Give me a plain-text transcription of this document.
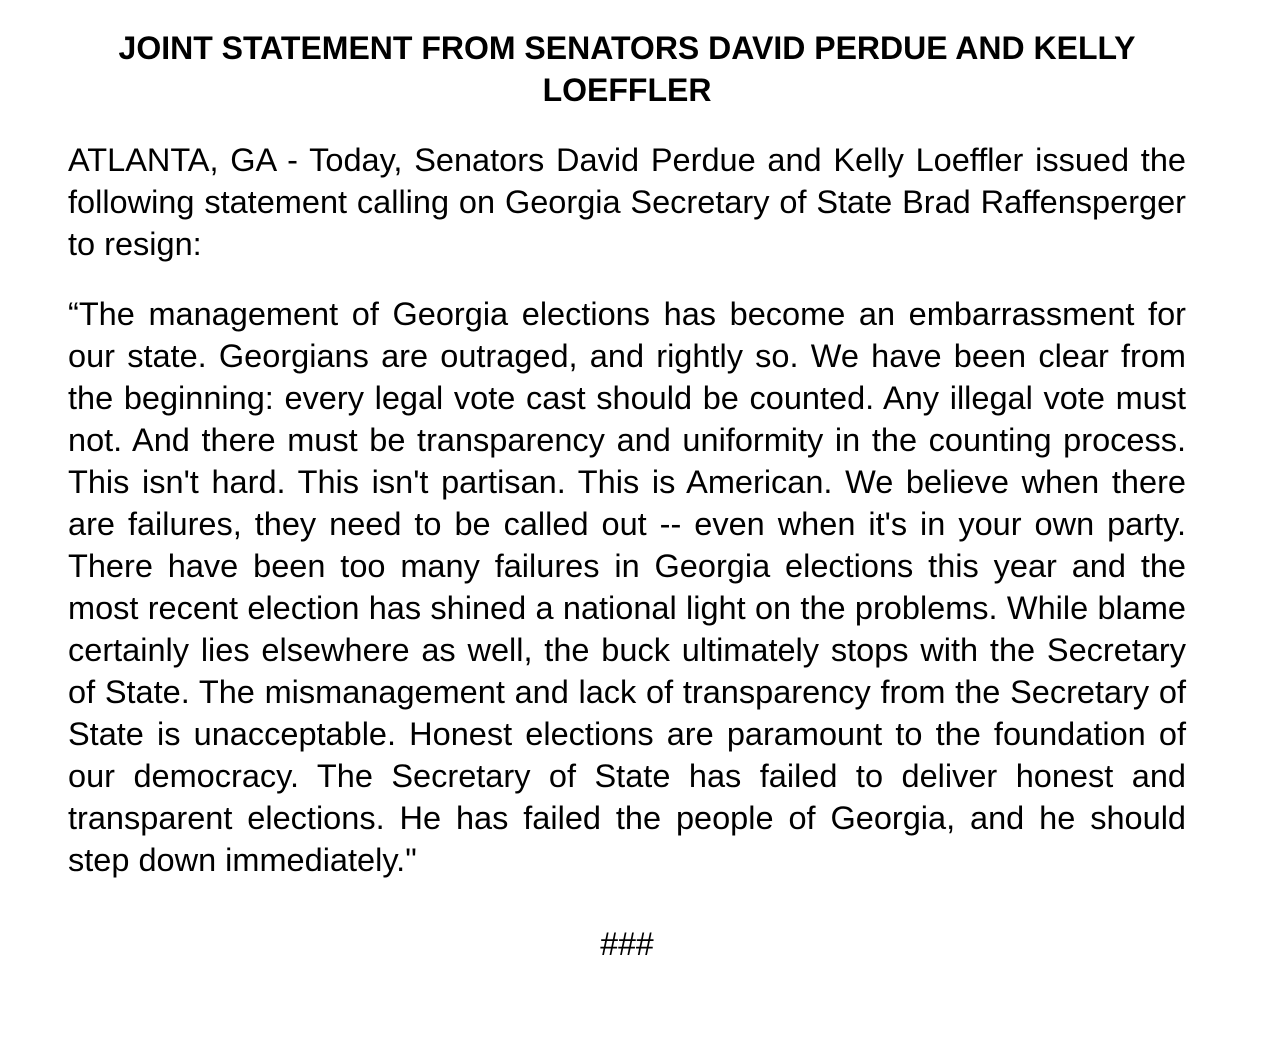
JOINT STATEMENT FROM SENATORS DAVID PERDUE AND KELLY LOEFFLER

ATLANTA, GA - Today, Senators David Perdue and Kelly Loeffler issued the following statement calling on Georgia Secretary of State Brad Raffensperger to resign:

“The management of Georgia elections has become an embarrassment for our state. Georgians are outraged, and rightly so. We have been clear from the beginning: every legal vote cast should be counted. Any illegal vote must not. And there must be transparency and uniformity in the counting process. This isn't hard. This isn't partisan. This is American. We believe when there are failures, they need to be called out -- even when it's in your own party. There have been too many failures in Georgia elections this year and the most recent election has shined a national light on the problems. While blame certainly lies elsewhere as well, the buck ultimately stops with the Secretary of State. The mismanagement and lack of transparency from the Secretary of State is unacceptable. Honest elections are paramount to the foundation of our democracy. The Secretary of State has failed to deliver honest and transparent elections. He has failed the people of Georgia, and he should step down immediately."

###
